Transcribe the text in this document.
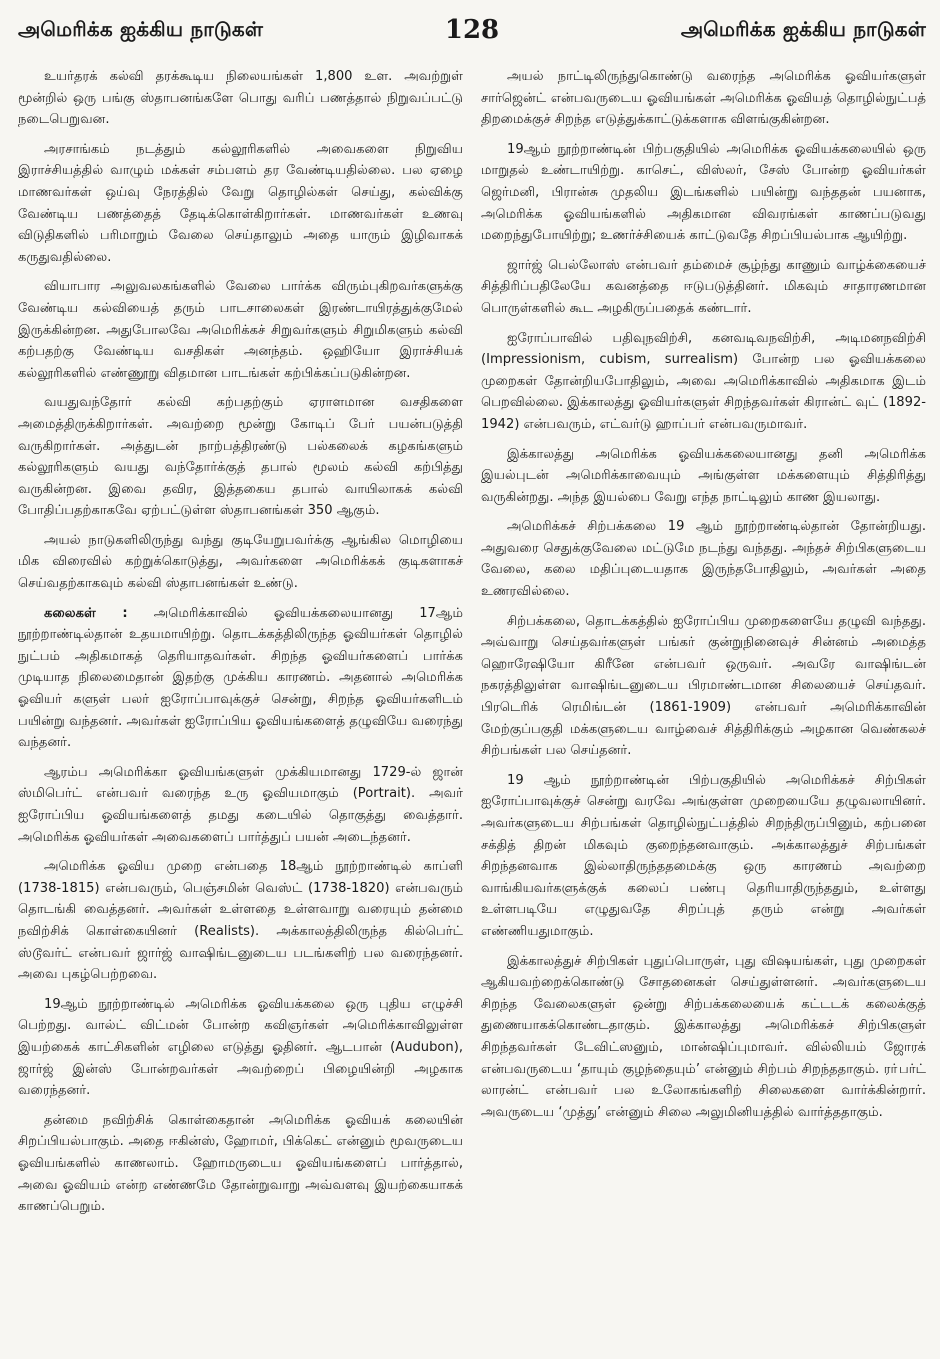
அமெரிக்க ஐக்கிய நாடுகள்	128	அமெரிக்க ஐக்கிய நாடுகள்

உயர்தரக் கல்வி தரக்கூடிய நிலையங்கள் 1,800 உள. அவற்றுள் மூன்றில் ஒரு பங்கு ஸ்தாபனங்களே பொது வரிப் பணத்தால் நிறுவப்பட்டு நடைபெறுவன.

அரசாங்கம் நடத்தும் கல்லூரிகளில் அவைகளை நிறுவிய இராச்சியத்தில் வாழும் மக்கள் சம்பளம் தர வேண்டியதில்லை. பல ஏழை மாணவர்கள் ஒய்வு நேரத்தில் வேறு தொழில்கள் செய்து, கல்விக்கு வேண்டிய பணத்தைத் தேடிக்கொள்கிறார்கள். மாணவர்கள் உணவு விடுதிகளில் பரிமாறும் வேலை செய்தாலும் அதை யாரும் இழிவாகக் கருதுவதில்லை.

வியாபார அலுவலகங்களில் வேலை பார்க்க விரும்புகிறவர்களுக்கு வேண்டிய கல்வியைத் தரும் பாடசாலைகள் இரண்டாயிரத்துக்குமேல் இருக்கின்றன. அதுபோலவே அமெரிக்கச் சிறுவர்களும் சிறுமிகளும் கல்வி கற்பதற்கு வேண்டிய வசதிகள் அனந்தம். ஒஹியோ இராச்சியக் கல்லூரிகளில் எண்ணூறு விதமான பாடங்கள் கற்பிக்கப்படுகின்றன.

வயதுவந்தோர் கல்வி கற்பதற்கும் ஏராளமான வசதிகளை அமைத்திருக்கிறார்கள். அவற்றை மூன்று கோடிப் பேர் பயன்படுத்தி வருகிறார்கள். அத்துடன் நாற்பத்திரண்டு பல்கலைக் கழகங்களும் கல்லூரிகளும் வயது வந்தோர்க்குத் தபால் மூலம் கல்வி கற்பித்து வருகின்றன. இவை தவிர, இத்தகைய தபால் வாயிலாகக் கல்வி போதிப்பதற்காகவே ஏற்பட்டுள்ள ஸ்தாபனங்கள் 350 ஆகும்.

அயல் நாடுகளிலிருந்து வந்து குடியேறுபவர்க்கு ஆங்கில மொழியை மிக விரைவில் கற்றுக்கொடுத்து, அவர்களை அமெரிக்கக் குடிகளாகச் செய்வதற்காகவும் கல்வி ஸ்தாபனங்கள் உண்டு.

கலைகள் : அமெரிக்காவில் ஓவியக்கலையானது 17ஆம் நூற்றாண்டில்தான் உதயமாயிற்று. தொடக்கத்திலிருந்த ஓவியர்கள் தொழில் நுட்பம் அதிகமாகத் தெரியாதவர்கள். சிறந்த ஓவியர்களைப் பார்க்க முடியாத நிலைமைதான் இதற்கு முக்கிய காரணம். அதனால் அமெரிக்க ஓவியர் களுள் பலர் ஐரோப்பாவுக்குச் சென்று, சிறந்த ஓவியர்களிடம் பயின்று வந்தனர். அவர்கள் ஐரோப்பிய ஓவியங்களைத் தழுவியே வரைந்து வந்தனர்.

ஆரம்ப அமெரிக்கா ஓவியங்களுள் முக்கியமானது 1729-ல் ஜான் ஸ்மிபெர்ட் என்பவர் வரைந்த உரு ஓவியமாகும் (Portrait). அவர் ஐரோப்பிய ஓவியங்களைத் தமது கடையில் தொகுத்து வைத்தார். அமெரிக்க ஓவியர்கள் அவைகளைப் பார்த்துப் பயன் அடைந்தனர்.

அமெரிக்க ஓவிய முறை என்பதை 18ஆம் நூற்றாண்டில் காப்ளி (1738-1815) என்பவரும், பெஞ்சமின் வெஸ்ட் (1738-1820) என்பவரும் தொடங்கி வைத்தனர். அவர்கள் உள்ளதை உள்ளவாறு வரையும் தன்மை நவிற்சிக் கொள்கையினர் (Realists). அக்காலத்திலிருந்த கில்பெர்ட் ஸ்டூவர்ட் என்பவர் ஜார்ஜ் வாஷிங்டனுடைய படங்களிற் பல வரைந்தனர். அவை புகழ்பெற்றவை.

19ஆம் நூற்றாண்டில் அமெரிக்க ஓவியக்கலை ஒரு புதிய எழுச்சி பெற்றது. வால்ட் விட்மன் போன்ற கவிஞர்கள் அமெரிக்காவிலுள்ள இயற்கைக் காட்சிகளின் எழிலை எடுத்து ஓதினர். ஆடபான் (Audubon), ஜார்ஜ் இன்ஸ் போன்றவர்கள் அவற்றைப் பிழையின்றி அழகாக வரைந்தனர்.

தன்மை நவிற்சிக் கொள்கைதான் அமெரிக்க ஓவியக் கலையின் சிறப்பியல்பாகும். அதை ஈகின்ஸ், ஹோமர், பிக்கெட் என்னும் மூவருடைய ஓவியங்களில் காணலாம். ஹோமருடைய ஓவியங்களைப் பார்த்தால், அவை ஓவியம் என்ற எண்ணமே தோன்றுவாறு அவ்வளவு இயற்கையாகக் காணப்பெறும்.

அயல் நாட்டிலிருந்துகொண்டு வரைந்த அமெரிக்க ஓவியர்களுள் சார்ஜென்ட் என்பவருடைய ஓவியங்கள் அமெரிக்க ஓவியத் தொழில்நுட்பத் திறமைக்குச் சிறந்த எடுத்துக்காட்டுக்களாக விளங்குகின்றன.

19ஆம் நூற்றாண்டின் பிற்பகுதியில் அமெரிக்க ஓவியக்கலையில் ஒரு மாறுதல் உண்டாயிற்று. காசெட், விஸ்லர், சேஸ் போன்ற ஓவியர்கள் ஜெர்மனி, பிரான்சு முதலிய இடங்களில் பயின்று வந்ததன் பயனாக, அமெரிக்க ஓவியங்களில் அதிகமான விவரங்கள் காணப்படுவது மறைந்துபோயிற்று; உணர்ச்சியைக் காட்டுவதே சிறப்பியல்பாக ஆயிற்று.

ஜார்ஜ் பெல்லோஸ் என்பவர் தம்மைச் சூழ்ந்து காணும் வாழ்க்கையைச் சித்திரிப்பதிலேயே கவனத்தை ஈடுபடுத்தினர். மிகவும் சாதாரணமான பொருள்களில் கூட அழகிருப்பதைக் கண்டார்.

ஐரோப்பாவில் பதிவுநவிற்சி, கனவடிவநவிற்சி, அடிமனநவிற்சி (Impressionism, cubism, surrealism) போன்ற பல ஓவியக்கலை முறைகள் தோன்றியபோதிலும், அவை அமெரிக்காவில் அதிகமாக இடம் பெறவில்லை. இக்காலத்து ஓவியர்களுள் சிறந்தவர்கள் கிரான்ட் வுட் (1892-1942) என்பவரும், எட்வர்டு ஹாப்பர் என்பவருமாவர்.

இக்காலத்து அமெரிக்க ஓவியக்கலையானது தனி அமெரிக்க இயல்புடன் அமெரிக்காவையும் அங்குள்ள மக்களையும் சித்திரித்து வருகின்றது. அந்த இயல்பை வேறு எந்த நாட்டிலும் காண இயலாது.

அமெரிக்கச் சிற்பக்கலை 19 ஆம் நூற்றாண்டில்தான் தோன்றியது. அதுவரை செதுக்குவேலை மட்டுமே நடந்து வந்தது. அந்தச் சிற்பிகளுடைய வேலை, கலை மதிப்புடையதாக இருந்தபோதிலும், அவர்கள் அதை உணரவில்லை.

சிற்பக்கலை, தொடக்கத்தில் ஐரோப்பிய முறைகளையே தழுவி வந்தது. அவ்வாறு செய்தவர்களுள் பங்கர் குன்றுநினைவுச் சின்னம் அமைத்த ஹொரேஷியோ கிரீனே என்பவர் ஒருவர். அவரே வாஷிங்டன் நகரத்திலுள்ள வாஷிங்டனுடைய பிரமாண்டமான சிலையைச் செய்தவர். பிரடெரிக் ரெமிங்டன் (1861-1909) என்பவர் அமெரிக்காவின் மேற்குப்பகுதி மக்களுடைய வாழ்வைச் சித்திரிக்கும் அழகான வெண்கலச் சிற்பங்கள் பல செய்தனர்.

19 ஆம் நூற்றாண்டின் பிற்பகுதியில் அமெரிக்கச் சிற்பிகள் ஐரோப்பாவுக்குச் சென்று வரவே அங்குள்ள முறையையே தழுவலாயினர். அவர்களுடைய சிற்பங்கள் தொழில்நுட்பத்தில் சிறந்திருப்பினும், கற்பனை சக்தித் திறன் மிகவும் குறைந்தனவாகும். அக்காலத்துச் சிற்பங்கள் சிறந்தனவாக இல்லாதிருந்ததமைக்கு ஒரு காரணம் அவற்றை வாங்கியவர்களுக்குக் கலைப் பண்பு தெரியாதிருந்ததும், உள்ளது உள்ளபடியே எழுதுவதே சிறப்புத் தரும் என்று அவர்கள் எண்ணியதுமாகும்.

இக்காலத்துச் சிற்பிகள் புதுப்பொருள், புது விஷயங்கள், புது முறைகள் ஆகியவற்றைக்கொண்டு சோதனைகள் செய்துள்ளனர். அவர்களுடைய சிறந்த வேலைகளுள் ஒன்று சிற்பக்கலையைக் கட்டடக் கலைக்குத் துணையாகக்கொண்டதாகும். இக்காலத்து அமெரிக்கச் சிற்பிகளுள் சிறந்தவர்கள் டேவிட்ஸனும், மான்ஷிப்புமாவர். வில்லியம் ஜோரக் என்பவருடைய ‘தாயும் குழந்தையும்’ என்னும் சிற்பம் சிறந்ததாகும். ரா்பர்ட் லாரன்ட் என்பவர் பல உலோகங்களிற் சிலைகளை வார்க்கின்றார். அவருடைய ‘முத்து’ என்னும் சிலை அலுமினியத்தில் வார்த்ததாகும்.
